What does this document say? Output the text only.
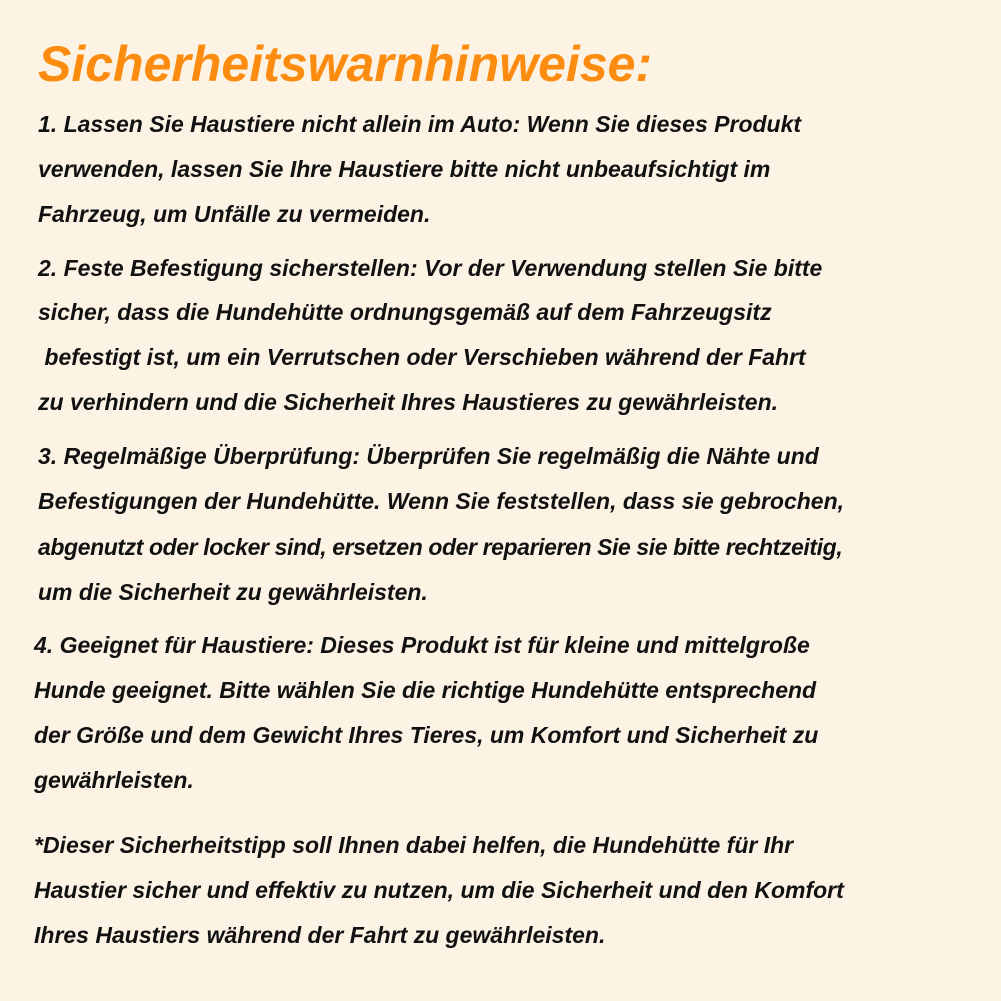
Sicherheitswarnhinweise:

1. Lassen Sie Haustiere nicht allein im Auto: Wenn Sie dieses Produkt

verwenden, lassen Sie Ihre Haustiere bitte nicht unbeaufsichtigt im

Fahrzeug, um Unfälle zu vermeiden.

2. Feste Befestigung sicherstellen: Vor der Verwendung stellen Sie bitte

sicher, dass die Hundehütte ordnungsgemäß auf dem Fahrzeugsitz

befestigt ist, um ein Verrutschen oder Verschieben während der Fahrt

zu verhindern und die Sicherheit Ihres Haustieres zu gewährleisten.

3. Regelmäßige Überprüfung: Überprüfen Sie regelmäßig die Nähte und

Befestigungen der Hundehütte. Wenn Sie feststellen, dass sie gebrochen,

abgenutzt oder locker sind, ersetzen oder reparieren Sie sie bitte rechtzeitig,

um die Sicherheit zu gewährleisten.

4. Geeignet für Haustiere: Dieses Produkt ist für kleine und mittelgroße

Hunde geeignet. Bitte wählen Sie die richtige Hundehütte entsprechend

der Größe und dem Gewicht Ihres Tieres, um Komfort und Sicherheit zu

gewährleisten.

*Dieser Sicherheitstipp soll Ihnen dabei helfen, die Hundehütte für Ihr

Haustier sicher und effektiv zu nutzen, um die Sicherheit und den Komfort

Ihres Haustiers während der Fahrt zu gewährleisten.
